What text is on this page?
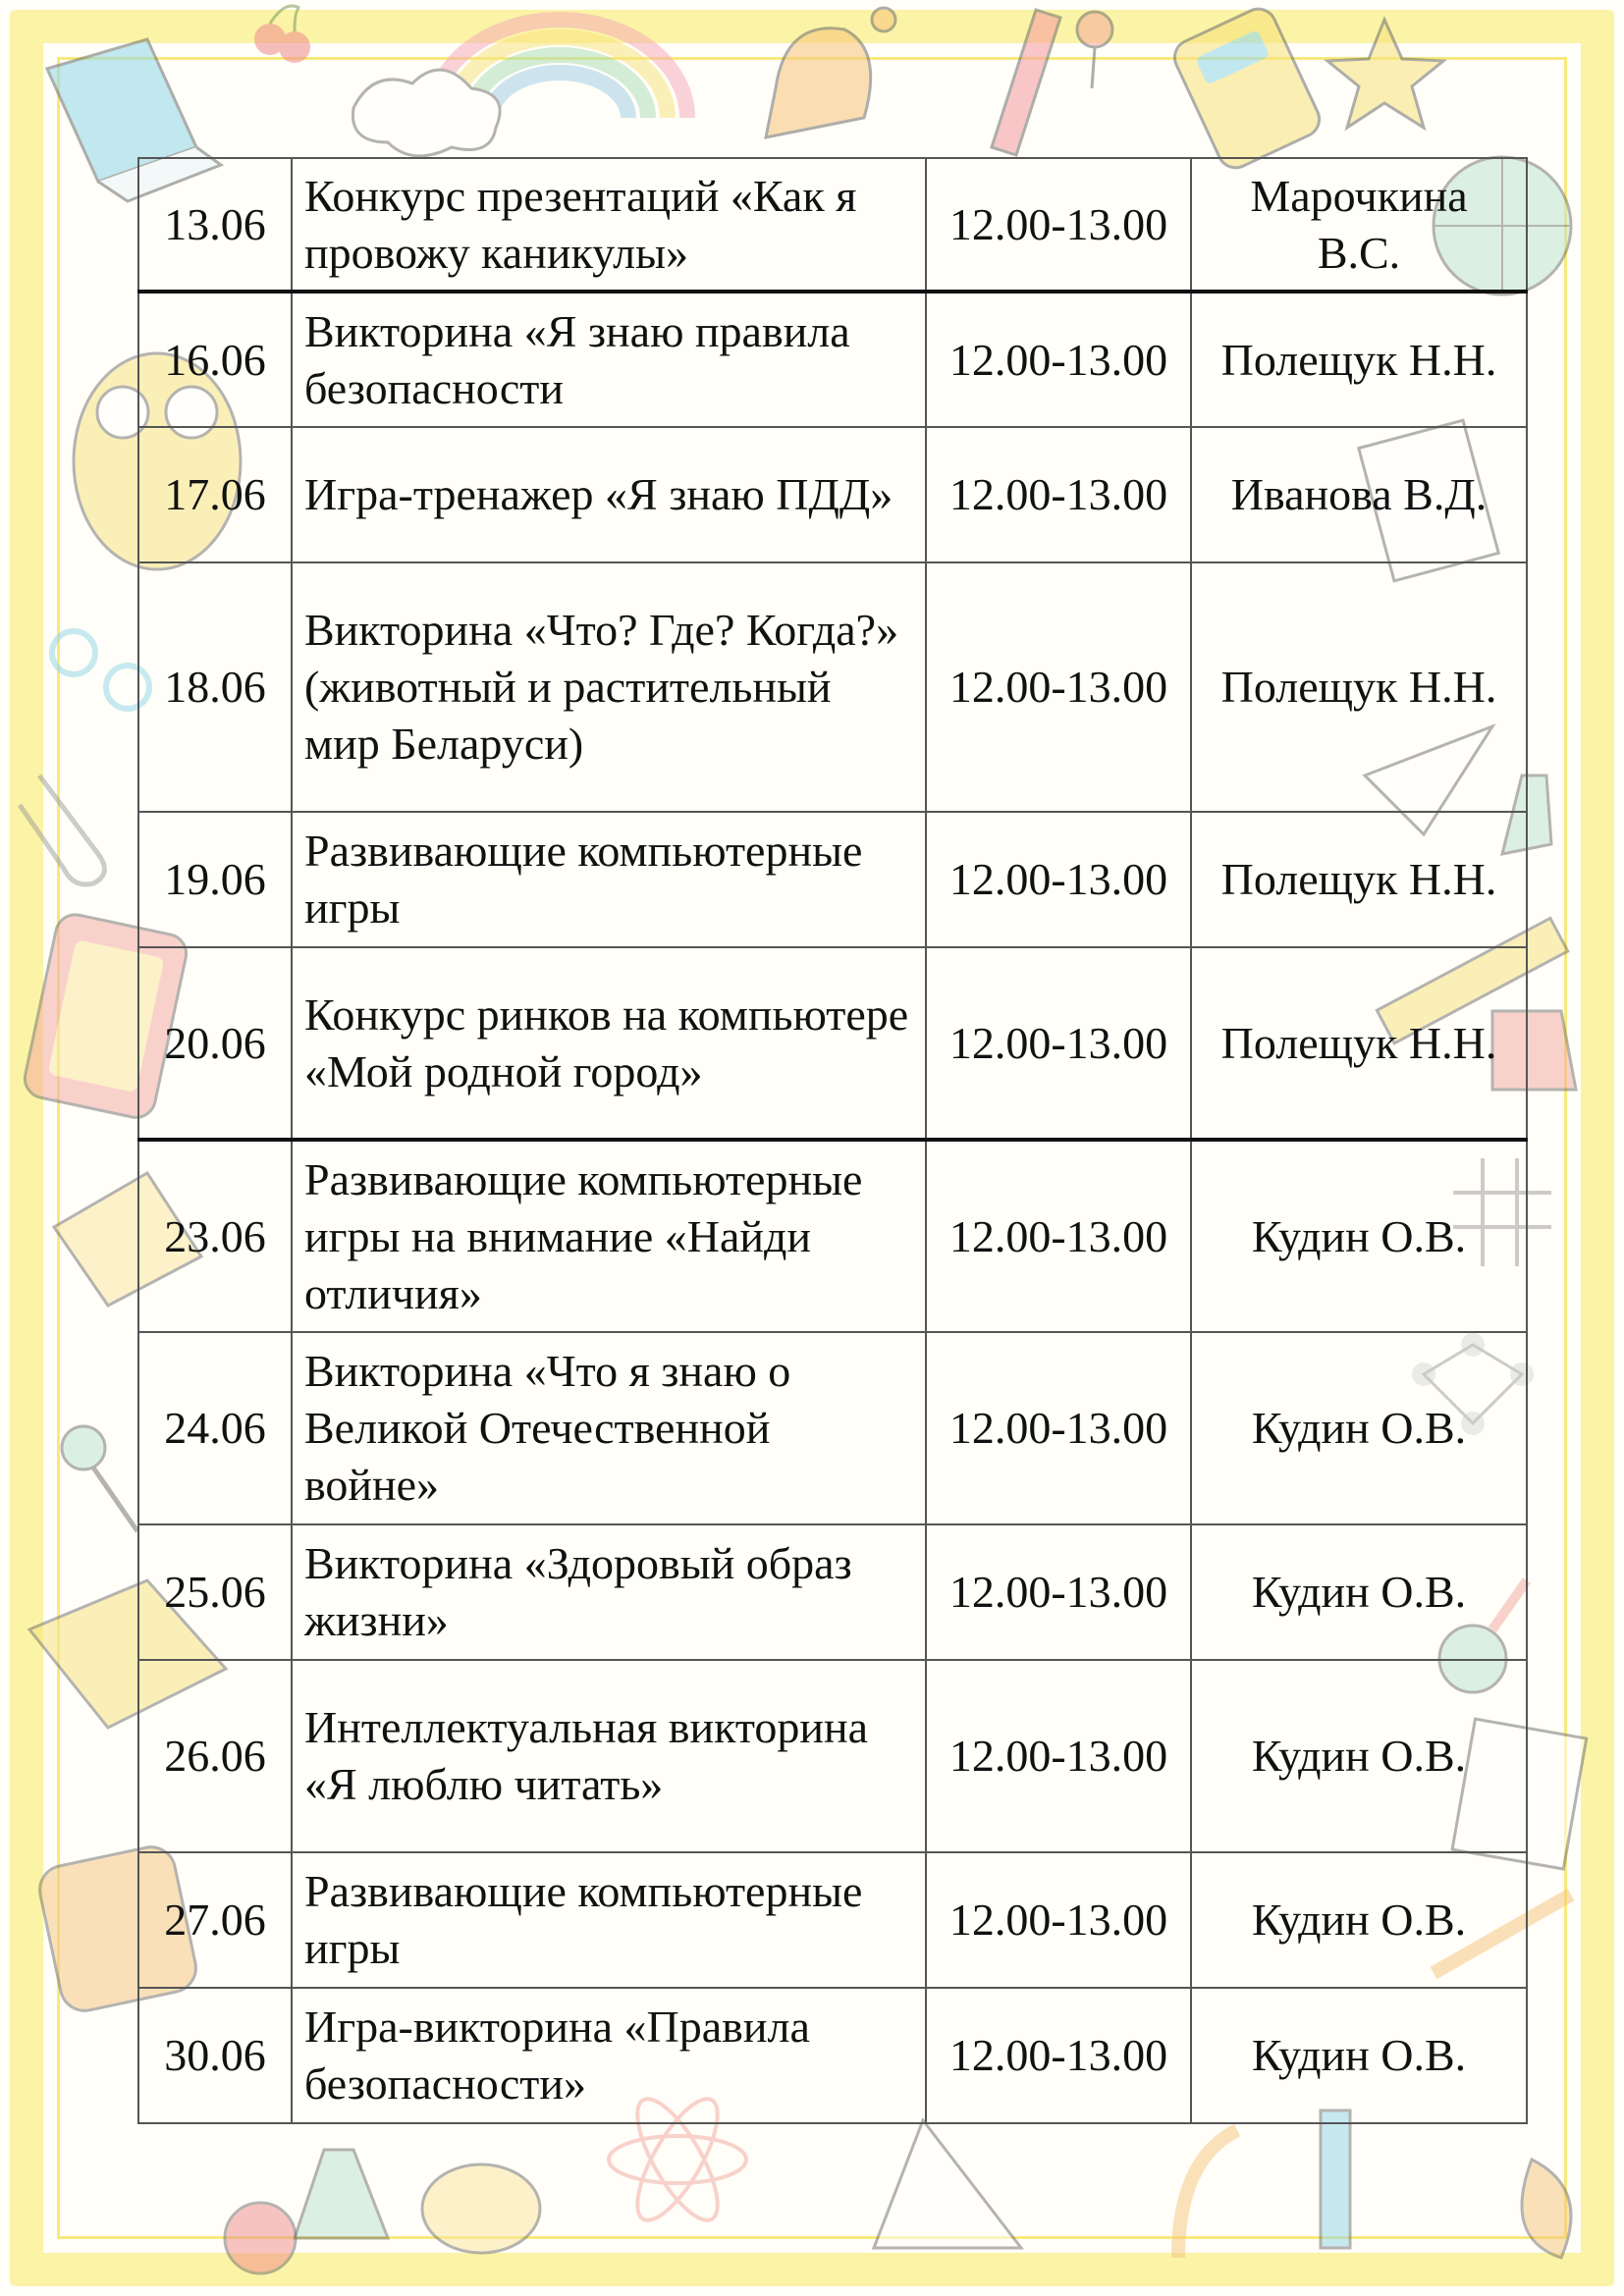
13.06	Конкурс презентаций «Как я провожу каникулы»	12.00-13.00	Марочкина В.С.
16.06	Викторина «Я знаю правила безопасности	12.00-13.00	Полещук Н.Н.
17.06	Игра-тренажер «Я знаю ПДД»	12.00-13.00	Иванова В.Д.
18.06	Викторина «Что? Где? Когда?» (животный и растительный мир Беларуси)	12.00-13.00	Полещук Н.Н.
19.06	Развивающие компьютерные игры	12.00-13.00	Полещук Н.Н.
20.06	Конкурс ринков на компьютере «Мой родной город»	12.00-13.00	Полещук Н.Н.
23.06	Развивающие компьютерные игры на внимание «Найди отличия»	12.00-13.00	Кудин О.В.
24.06	Викторина «Что я знаю о Великой Отечественной войне»	12.00-13.00	Кудин О.В.
25.06	Викторина «Здоровый образ жизни»	12.00-13.00	Кудин О.В.
26.06	Интеллектуальная викторина «Я люблю читать»	12.00-13.00	Кудин О.В.
27.06	Развивающие компьютерные игры	12.00-13.00	Кудин О.В.
30.06	Игра-викторина «Правила безопасности»	12.00-13.00	Кудин О.В.
